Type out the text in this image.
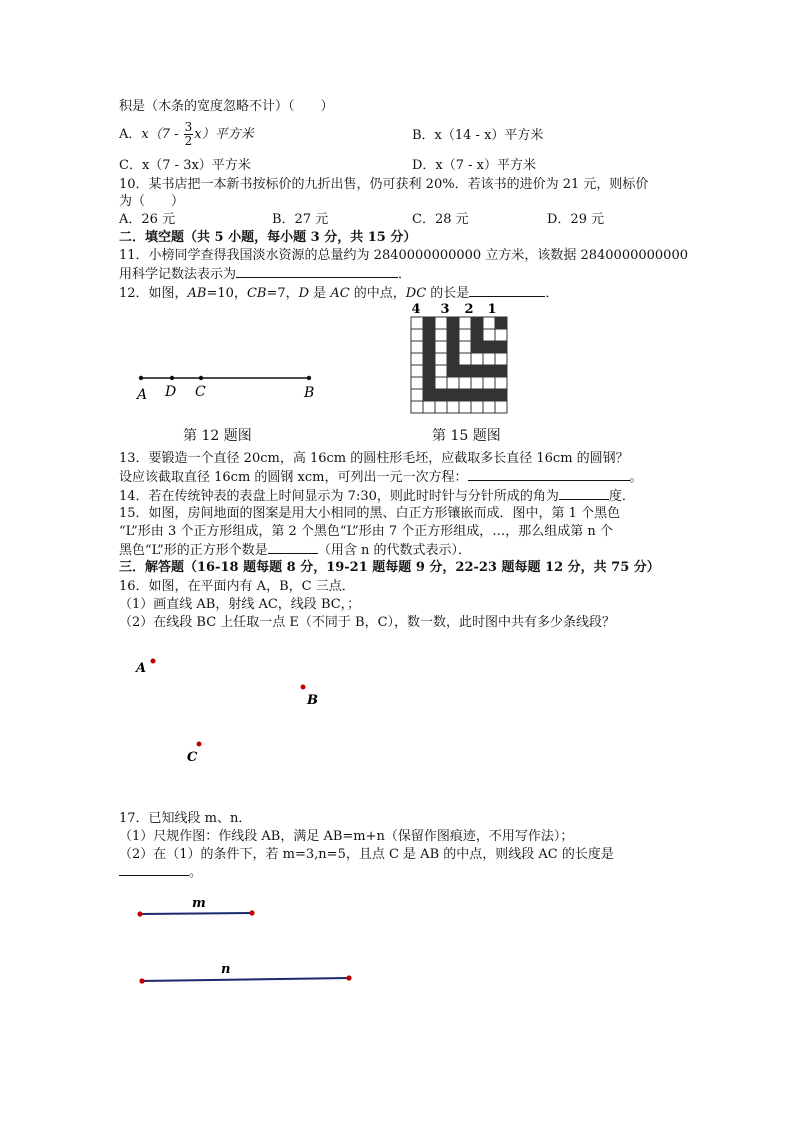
积是（木条的宽度忽略不计）（　　）
A．$x(7 - \frac{3}{2} x)$平方米	B．x（14 - x）平方米
C．x（7 - 3x）平方米	D．x（7 - x）平方米
10．某书店把一本新书按标价的九折出售，仍可获利 20%．若该书的进价为 21 元，则标价
为（　　）
A．26 元	B．27 元	C．28 元	D．29 元
二．填空题（共 5 小题，每小题 3 分，共 15 分）
11．小榜同学查得我国淡水资源的总量约为 2840000000000 立方米，该数据 2840000000000
用科学记数法表示为	．
12．如图，AB=10，CB=7，D 是 AC 的中点，DC 的长是	．
A D C	B
第 12 题图
4 3 2 1
第 15 题图
13．要锻造一个直径 20cm，高 16cm 的圆柱形毛坯，应截取多长直径 16cm 的圆钢？
设应该截取直径 16cm 的圆钢 xcm，可列出一元一次方程：	。
14．若在传统钟表的表盘上时间显示为 7:30，则此时时针与分针所成的角为	度．
15．如图，房间地面的图案是用大小相同的黑、白正方形镶嵌而成．图中，第 1 个黑色
“L”形由 3 个正方形组成，第 2 个黑色“L”形由 7 个正方形组成，…，那么组成第 n 个
黑色“L”形的正方形个数是	（用含 n 的代数式表示）．
三．解答题（16-18 题每题 8 分，19-21 题每题 9 分，22-23 题每题 12 分，共 75 分）
16．如图，在平面内有 A，B，C 三点．
（1）画直线 AB，射线 AC，线段 BC，；
（2）在线段 BC 上任取一点 E（不同于 B，C），数一数，此时图中共有多少条线段？
A
B
C
17．已知线段 m、n．
（1）尺规作图：作线段 AB，满足 AB=m+n（保留作图痕迹，不用写作法）；
（2）在（1）的条件下，若 m=3,n=5，且点 C 是 AB 的中点，则线段 AC 的长度是
。
m
n
